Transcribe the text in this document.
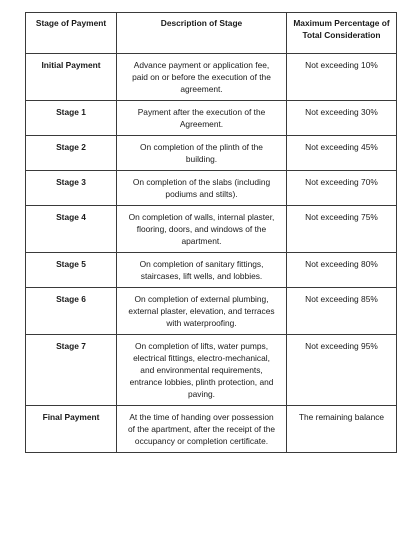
Stage of Payment	Description of Stage	Maximum Percentage of Total Consideration
Initial Payment	Advance payment or application fee, paid on or before the execution of the agreement.	Not exceeding 10%
Stage 1	Payment after the execution of the Agreement.	Not exceeding 30%
Stage 2	On completion of the plinth of the building.	Not exceeding 45%
Stage 3	On completion of the slabs (including podiums and stilts).	Not exceeding 70%
Stage 4	On completion of walls, internal plaster, flooring, doors, and windows of the apartment.	Not exceeding 75%
Stage 5	On completion of sanitary fittings, staircases, lift wells, and lobbies.	Not exceeding 80%
Stage 6	On completion of external plumbing, external plaster, elevation, and terraces with waterproofing.	Not exceeding 85%
Stage 7	On completion of lifts, water pumps, electrical fittings, electro-mechanical, and environmental requirements, entrance lobbies, plinth protection, and paving.	Not exceeding 95%
Final Payment	At the time of handing over possession of the apartment, after the receipt of the occupancy or completion certificate.	The remaining balance
